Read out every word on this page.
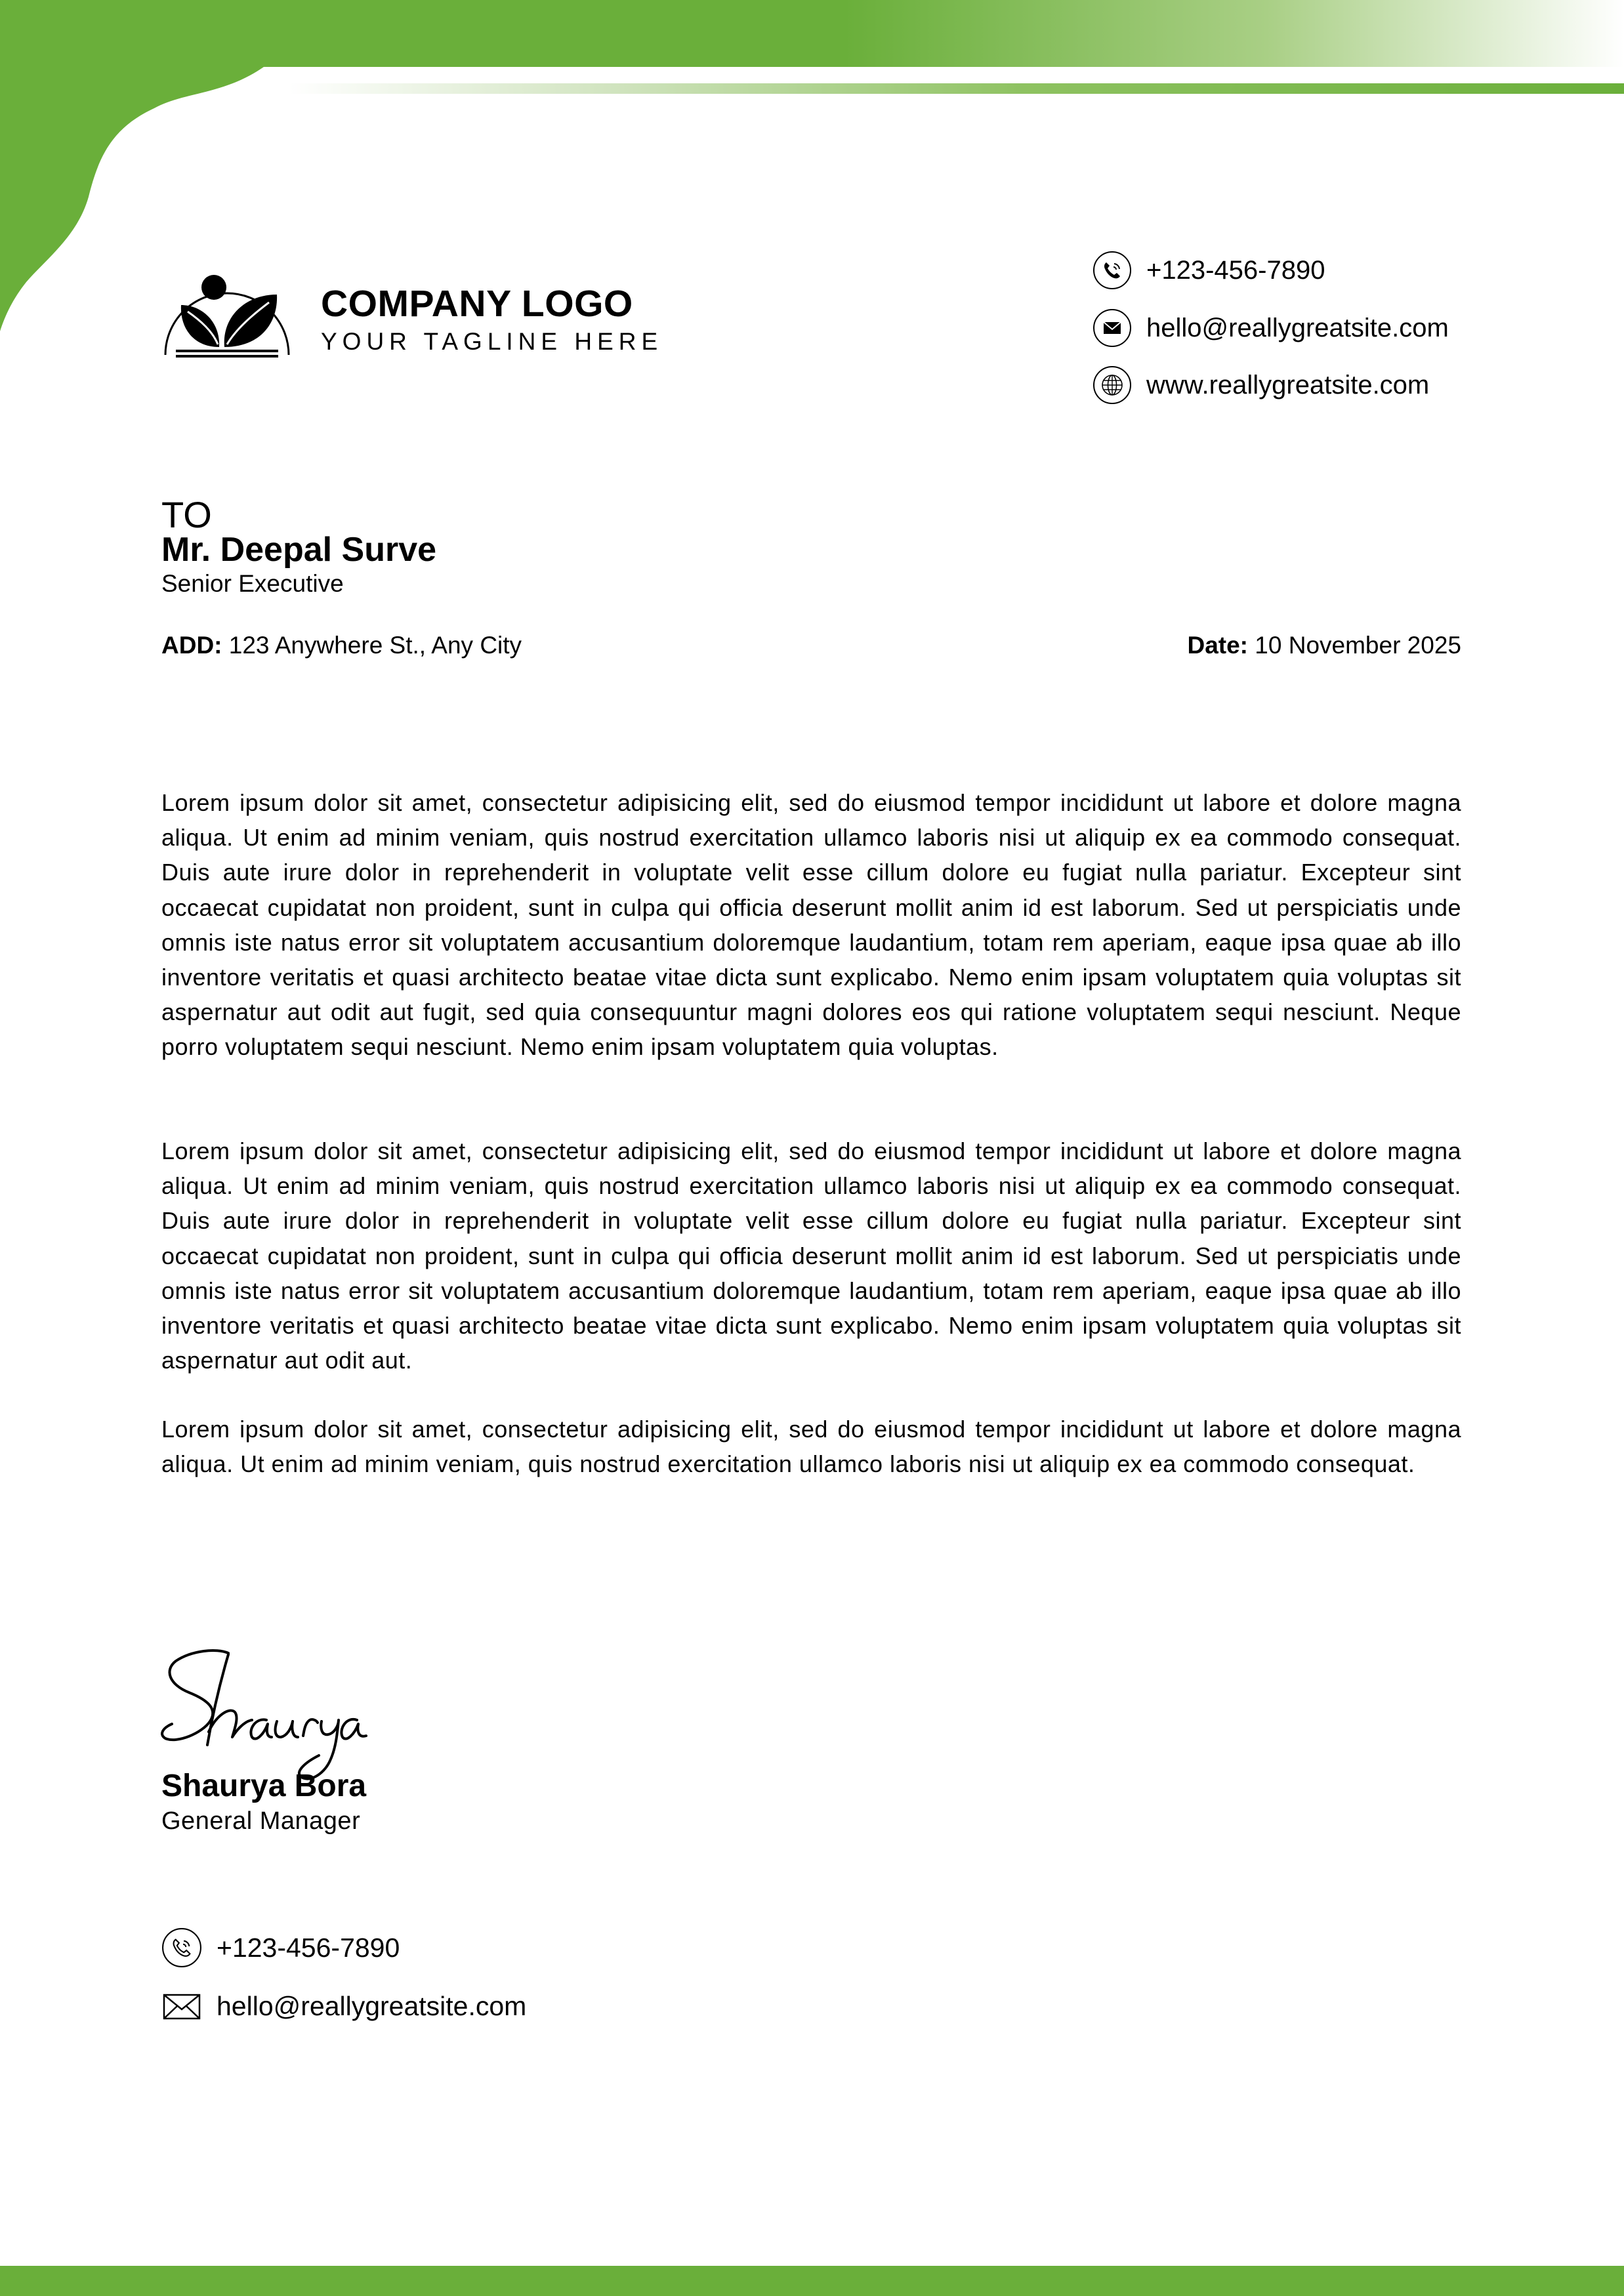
COMPANY LOGO
YOUR TAGLINE HERE
+123-456-7890
hello@reallygreatsite.com
www.reallygreatsite.com
TO
Mr. Deepal Surve
Senior Executive
ADD: 123 Anywhere St., Any City	Date: 10 November 2025

Lorem ipsum dolor sit amet, consectetur adipisicing elit, sed do eiusmod tempor incididunt ut labore et dolore magna aliqua. Ut enim ad minim veniam, quis nostrud exercitation ullamco laboris nisi ut aliquip ex ea commodo consequat. Duis aute irure dolor in reprehenderit in voluptate velit esse cillum dolore eu fugiat nulla pariatur. Excepteur sint occaecat cupidatat non proident, sunt in culpa qui officia deserunt mollit anim id est laborum. Sed ut perspiciatis unde omnis iste natus error sit voluptatem accusantium doloremque laudantium, totam rem aperiam, eaque ipsa quae ab illo inventore veritatis et quasi architecto beatae vitae dicta sunt explicabo. Nemo enim ipsam voluptatem quia voluptas sit aspernatur aut odit aut fugit, sed quia consequuntur magni dolores eos qui ratione voluptatem sequi nesciunt. Neque porro voluptatem sequi nesciunt. Nemo enim ipsam voluptatem quia voluptas.

Lorem ipsum dolor sit amet, consectetur adipisicing elit, sed do eiusmod tempor incididunt ut labore et dolore magna aliqua. Ut enim ad minim veniam, quis nostrud exercitation ullamco laboris nisi ut aliquip ex ea commodo consequat. Duis aute irure dolor in reprehenderit in voluptate velit esse cillum dolore eu fugiat nulla pariatur. Excepteur sint occaecat cupidatat non proident, sunt in culpa qui officia deserunt mollit anim id est laborum. Sed ut perspiciatis unde omnis iste natus error sit voluptatem accusantium doloremque laudantium, totam rem aperiam, eaque ipsa quae ab illo inventore veritatis et quasi architecto beatae vitae dicta sunt explicabo. Nemo enim ipsam voluptatem quia voluptas sit aspernatur aut odit aut.

Lorem ipsum dolor sit amet, consectetur adipisicing elit, sed do eiusmod tempor incididunt ut labore et dolore magna aliqua. Ut enim ad minim veniam, quis nostrud exercitation ullamco laboris nisi ut aliquip ex ea commodo consequat.

Shaurya Bora
General Manager
+123-456-7890
hello@reallygreatsite.com
